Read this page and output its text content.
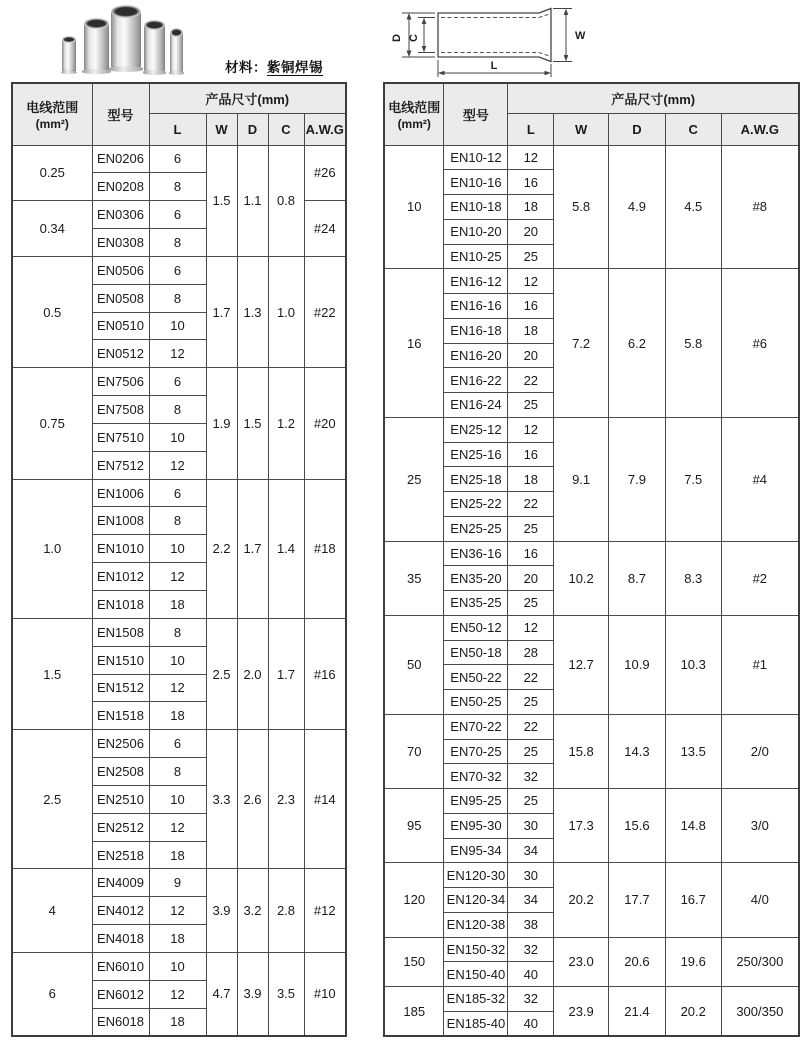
材料：紫铜焊锡
D C	W
L
电线范围
(mm²)	型号	产品尺寸(mm)				
		L	W	D	C	A.W.G
0.25	EN0206	6	1.5	1.1	0.8	#26
	EN0208	8				
0.34	EN0306	6				#24
	EN0308	8				
0.5	EN0506	6	1.7	1.3	1.0	#22
	EN0508	8				
	EN0510	10				
	EN0512	12				
0.75	EN7506	6	1.9	1.5	1.2	#20
	EN7508	8				
	EN7510	10				
	EN7512	12				
1.0	EN1006	6	2.2	1.7	1.4	#18
	EN1008	8				
	EN1010	10				
	EN1012	12				
	EN1018	18				
1.5	EN1508	8	2.5	2.0	1.7	#16
	EN1510	10				
	EN1512	12				
	EN1518	18				
2.5	EN2506	6	3.3	2.6	2.3	#14
	EN2508	8				
	EN2510	10				
	EN2512	12				
	EN2518	18				
4	EN4009	9	3.9	3.2	2.8	#12
	EN4012	12				
	EN4018	18				
6	EN6010	10	4.7	3.9	3.5	#10
	EN6012	12				
	EN6018	18				
电线范围
(mm²)	型号	产品尺寸(mm)				
		L	W	D	C	A.W.G
10	EN10-12	12	5.8	4.9	4.5	#8
	EN10-16	16				
	EN10-18	18				
	EN10-20	20				
	EN10-25	25				
16	EN16-12	12	7.2	6.2	5.8	#6
	EN16-16	16				
	EN16-18	18				
	EN16-20	20				
	EN16-22	22				
	EN16-24	25				
25	EN25-12	12	9.1	7.9	7.5	#4
	EN25-16	16				
	EN25-18	18				
	EN25-22	22				
	EN25-25	25				
35	EN36-16	16	10.2	8.7	8.3	#2
	EN35-20	20				
	EN35-25	25				
50	EN50-12	12	12.7	10.9	10.3	#1
	EN50-18	28				
	EN50-22	22				
	EN50-25	25				
70	EN70-22	22	15.8	14.3	13.5	2/0
	EN70-25	25				
	EN70-32	32				
95	EN95-25	25	17.3	15.6	14.8	3/0
	EN95-30	30				
	EN95-34	34				
120	EN120-30	30	20.2	17.7	16.7	4/0
	EN120-34	34				
	EN120-38	38				
150	EN150-32	32	23.0	20.6	19.6	250/300
	EN150-40	40				
185	EN185-32	32	23.9	21.4	20.2	300/350
	EN185-40	40				
